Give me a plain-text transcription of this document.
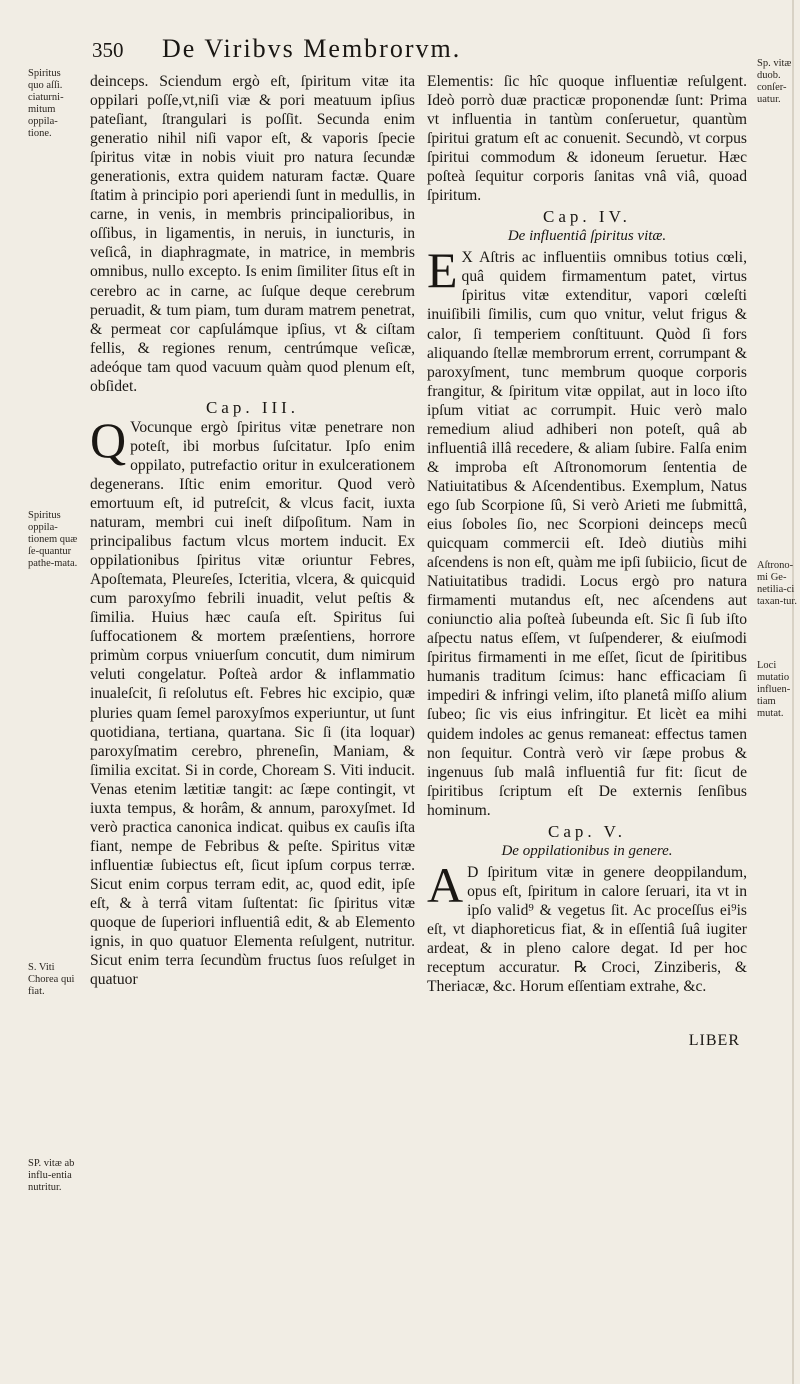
350	De Viribvs Membrorvm.

deinceps. Sciendum ergò eſt, ſpiritum vitæ ita oppilari poſſe,vt,niſi viæ & pori meatuum ipſius pateſiant, ſtrangulari is poſſit. Secunda enim generatio nihil niſi vapor eſt, & vaporis ſpecie ſpiritus vitæ in nobis viuit pro natura ſecundæ generationis, extra quidem naturam factæ. Quare ſtatim à principio pori aperiendi ſunt in medullis, in carne, in venis, in membris principalioribus, in oſſibus, in ligamentis, in neruis, in iuncturis, in veſicâ, in diaphragmate, in matrice, in membris omnibus, nullo excepto. Is enim ſimiliter ſitus eſt in cerebro ac in carne, ac ſuſque deque cerebrum peruadit, & tum piam, tum duram matrem penetrat, & permeat cor capſulámque ipſius, vt & ciſtam fellis, & regiones renum, centrúmque veſicæ, adeóque tam quod vacuum quàm quod plenum eſt, obſidet.

Cap. III.
Q Vocunque ergò ſpiritus vitæ penetrare non poteſt, ibi morbus ſuſcitatur. Ipſo enim oppilato, putrefactio oritur in exulcerationem degenerans. Iſtic enim emoritur. Quod verò emortuum eſt, id putreſcit, & vlcus facit, iuxta naturam, membri cui ineſt diſpoſitum. Nam in principalibus factum vlcus mortem inducit. Ex oppilationibus ſpiritus vitæ oriuntur Febres, Apoſtemata, Pleureſes, Icteritia, vlcera, & quicquid cum paroxyſmo febrili inuadit, velut peſtis & ſimilia. Huius hæc cauſa eſt. Spiritus ſui ſuffocationem & mortem præſentiens, horrore primùm corpus vniuerſum concutit, dum nimirum veluti congelatur. Poſteà ardor & inflammatio inualeſcit, ſi reſolutus eſt. Febres hic excipio, quæ pluries quam ſemel paroxyſmos experiuntur, ut ſunt quotidiana, tertiana, quartana. Sic ſi (ita loquar) paroxyſmatim cerebro, phreneſin, Maniam, & ſimilia excitat. Si in corde, Choream S. Viti inducit. Venas etenim lætitiæ tangit: ac ſæpe contingit, vt iuxta tempus, & horâm, & annum, paroxyſmet. Id verò practica canonica indicat. quibus ex cauſis iſta fiant, nempe de Febribus & peſte. Spiritus vitæ influentiæ ſubiectus eſt, ſicut ipſum corpus terræ. Sicut enim corpus terram edit, ac, quod edit, ipſe eſt, & à terrâ vitam ſuſtentat: ſic ſpiritus vitæ quoque de ſuperiori influentiâ edit, & ab Elemento ignis, in quo quatuor Elementa reſulgent, nutritur. Sicut enim terra ſecundùm fructus ſuos reſulget in quatuor

Elementis: ſic hîc quoque influentiæ reſulgent. Ideò porrò duæ practicæ proponendæ ſunt: Prima vt influentia in tantùm conſeruetur, quantùm ſpiritui gratum eſt ac conuenit. Secundò, vt corpus ſpiritui commodum & idoneum ſeruetur. Hæc poſteà ſequitur corporis ſanitas vnâ viâ, quoad ſpiritum.

Cap. IV.
De influentiâ ſpiritus vitæ.
E X Aſtris ac influentiis omnibus totius cœli, quâ quidem firmamentum patet, virtus ſpiritus vitæ extenditur, vapori cœleſti inuiſibili ſimilis, cum quo vnitur, velut frigus & calor, ſi temperiem conſtituunt. Quòd ſi fors aliquando ſtellæ membrorum errent, corrumpant & paroxyſment, tunc membrum quoque corporis frangitur, & ſpiritum vitæ oppilat, aut in loco iſto ipſum vitiat ac corrumpit. Huic verò malo remedium aliud adhiberi non poteſt, quâ ab influentiâ illâ recedere, & aliam ſubire. Falſa enim & improba eſt Aſtronomorum ſententia de Natiuitatibus & Aſcendentibus. Exemplum, Natus ego ſub Scorpione ſû, Si verò Arieti me ſubmittâ, eius ſoboles ſio, nec Scorpioni deinceps mecû quicquam commercii eſt. Ideò diutiùs mihi aſcendens is non eſt, quàm me ipſi ſubiicio, ſicut de Natiuitatibus tradidi. Locus ergò pro natura firmamenti mutandus eſt, nec aſcendens aut coniunctio alia poſteà ſubeunda eſt. Sic ſi ſub iſto aſpectu natus eſſem, vt ſuſpenderer, & eiuſmodi ſpiritus firmamenti in me eſſet, ſicut de ſpiritibus humanis traditum ſcimus: hanc efficaciam ſi impediri & infringi velim, iſto planetâ miſſo alium ſubeo; ſic vis eius infringitur. Et licèt ea mihi quidem indoles ac genus remaneat: effectus tamen non ſequitur. Contrà verò vir ſæpe probus & ingenuus ſub malâ influentiâ fur fit: ſicut de ſpiritibus ſcriptum eſt De externis ſenſibus hominum.

Cap. V.
De oppilationibus in genere.
A D ſpiritum vitæ in genere deoppilandum, opus eſt, ſpiritum in calore ſeruari, ita vt in ipſo valid⁹ & vegetus ſit. Ac proceſſus ei⁹is eſt, vt diaphoreticus fiat, & in eſſentiâ ſuâ iugiter ardeat, & in pleno calore degat. Id per hoc receptum accuratur. ℞ Croci, Zinziberis, & Theriacæ, &c. Horum eſſentiam extrahe, &c.

LIBER
Spiritus quo aſſi. ciaturni-mitum oppila-tione.
Spiritus oppila-tionem quæ ſe-quantur pathe-mata.
S. Viti Chorea qui fiat.
SP. vitæ ab influ-entia nutritur.
Sp. vitæ duob. conſer-uatur.
Aſtrono-mi Ge-netilia-ci taxan-tur.
Loci mutatio influen-tiam mutat.
